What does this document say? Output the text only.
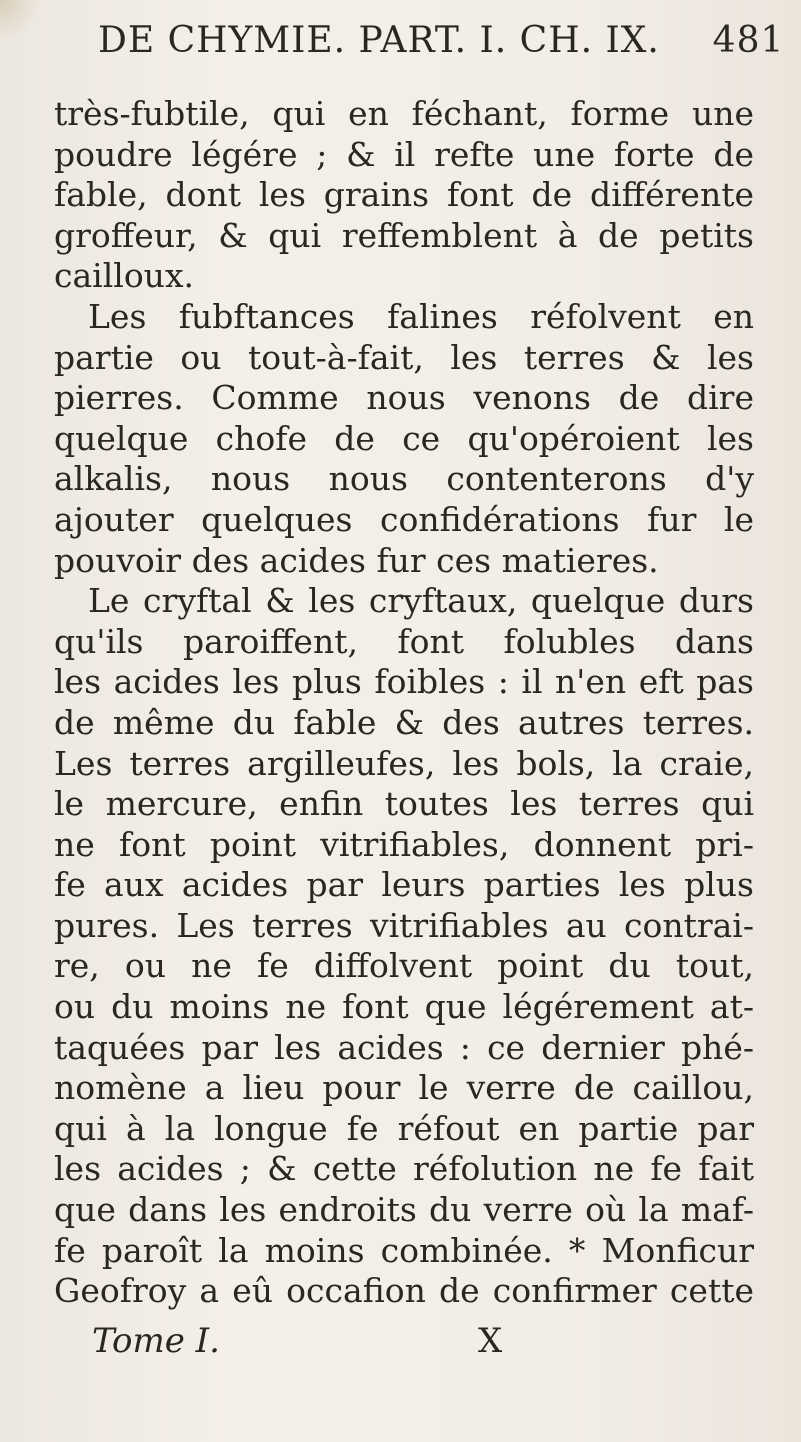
DE CHYMIE. PART. I. CH. IX. 481
très-fubtile, qui en féchant, forme une
poudre légére ; & il refte une forte de
fable, dont les grains font de différente
groffeur, & qui reffemblent à de petits
cailloux.
Les fubftances falines réfolvent en
partie ou tout-à-fait, les terres & les
pierres. Comme nous venons de dire
quelque chofe de ce qu'opéroient les
alkalis, nous nous contenterons d'y
ajouter quelques confidérations fur le
pouvoir des acides fur ces matieres.
Le cryftal & les cryftaux, quelque durs
qu'ils paroiffent, font folubles dans
les acides les plus foibles : il n'en eft pas
de même du fable & des autres terres.
Les terres argilleufes, les bols, la craie,
le mercure, enfin toutes les terres qui
ne font point vitrifiables, donnent pri-
fe aux acides par leurs parties les plus
pures. Les terres vitrifiables au contrai-
re, ou ne fe diffolvent point du tout,
ou du moins ne font que légérement at-
taquées par les acides : ce dernier phé-
nomène a lieu pour le verre de caillou,
qui à la longue fe réfout en partie par
les acides ; & cette réfolution ne fe fait
que dans les endroits du verre où la maf-
fe paroît la moins combinée. * Monficur
Geofroy a eû occafion de confirmer cette
Tome I.	X
